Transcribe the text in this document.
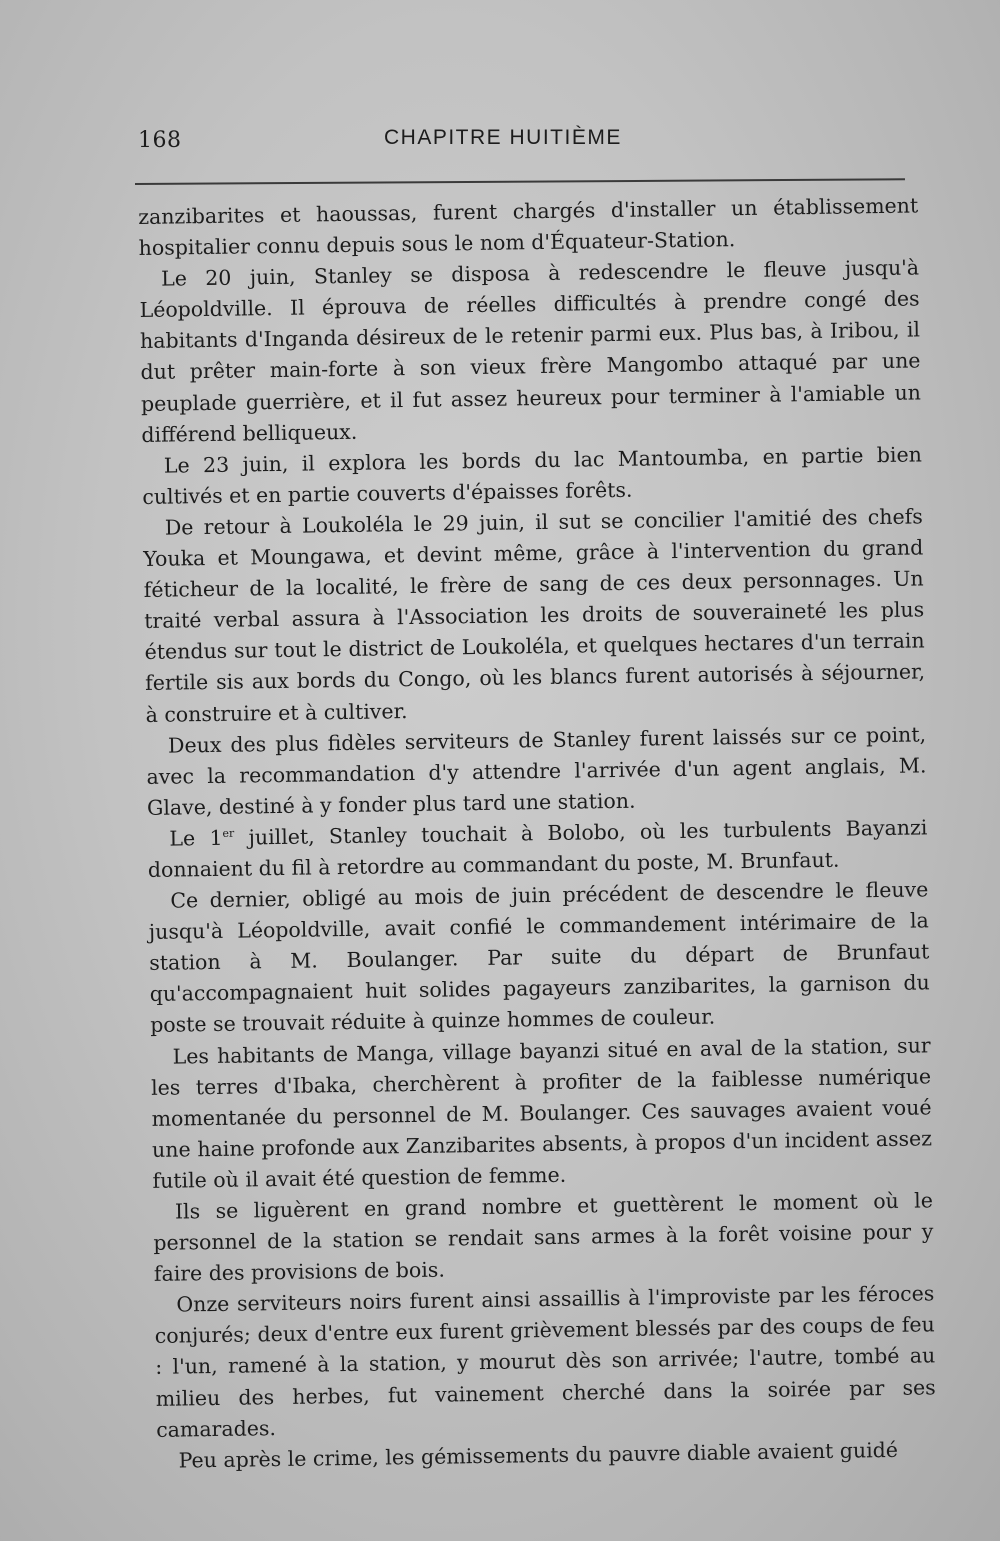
168	CHAPITRE HUITIÈME

zanzibarites et haoussas, furent chargés d'installer un établissement hospitalier connu depuis sous le nom d'Équateur-Station.

Le 20 juin, Stanley se disposa à redescendre le fleuve jusqu'à Léopoldville. Il éprouva de réelles difficultés à prendre congé des habitants d'Inganda désireux de le retenir parmi eux. Plus bas, à Iribou, il dut prêter main-forte à son vieux frère Mangombo attaqué par une peuplade guerrière, et il fut assez heureux pour terminer à l'amiable un différend belliqueux.

Le 23 juin, il explora les bords du lac Mantoumba, en partie bien cultivés et en partie couverts d'épaisses forêts.

De retour à Loukoléla le 29 juin, il sut se concilier l'amitié des chefs Youka et Moungawa, et devint même, grâce à l'intervention du grand féticheur de la localité, le frère de sang de ces deux personnages. Un traité verbal assura à l'Association les droits de souveraineté les plus étendus sur tout le district de Loukoléla, et quelques hectares d'un terrain fertile sis aux bords du Congo, où les blancs furent autorisés à séjourner, à construire et à cultiver.

Deux des plus fidèles serviteurs de Stanley furent laissés sur ce point, avec la recommandation d'y attendre l'arrivée d'un agent anglais, M. Glave, destiné à y fonder plus tard une station.

Le 1er juillet, Stanley touchait à Bolobo, où les turbulents Bayanzi donnaient du fil à retordre au commandant du poste, M. Brunfaut.

Ce dernier, obligé au mois de juin précédent de descendre le fleuve jusqu'à Léopoldville, avait confié le commandement intérimaire de la station à M. Boulanger. Par suite du départ de Brunfaut qu'accompagnaient huit solides pagayeurs zanzibarites, la garnison du poste se trouvait réduite à quinze hommes de couleur.

Les habitants de Manga, village bayanzi situé en aval de la station, sur les terres d'Ibaka, cherchèrent à profiter de la faiblesse numérique momentanée du personnel de M. Boulanger. Ces sauvages avaient voué une haine profonde aux Zanzibarites absents, à propos d'un incident assez futile où il avait été question de femme.

Ils se liguèrent en grand nombre et guettèrent le moment où le personnel de la station se rendait sans armes à la forêt voisine pour y faire des provisions de bois.

Onze serviteurs noirs furent ainsi assaillis à l'improviste par les féroces conjurés; deux d'entre eux furent grièvement blessés par des coups de feu : l'un, ramené à la station, y mourut dès son arrivée; l'autre, tombé au milieu des herbes, fut vainement cherché dans la soirée par ses camarades.

Peu après le crime, les gémissements du pauvre diable avaient guidé
